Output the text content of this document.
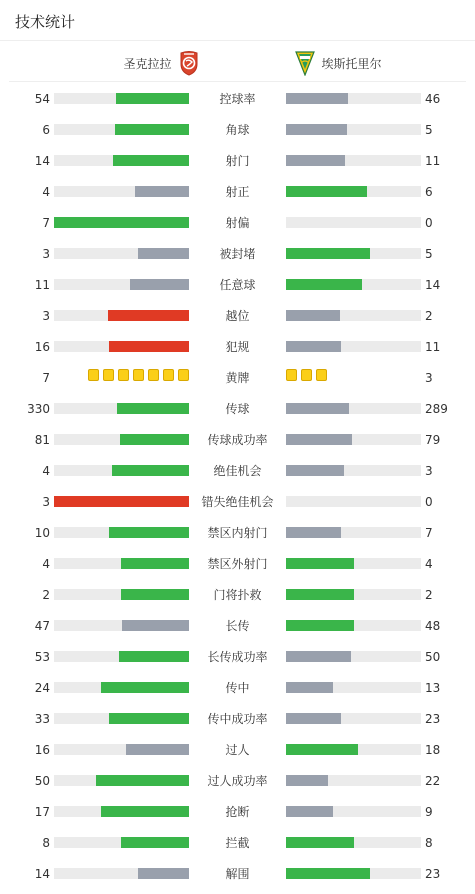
技术统计
圣克拉拉	埃斯托里尔
54	控球率	46
6	角球	5
14	射门	11
4	射正	6
7	射偏	0
3	被封堵	5
11	任意球	14
3	越位	2
16	犯规	11
7	黄牌	3
330	传球	289
81	传球成功率	79
4	绝佳机会	3
3	错失绝佳机会	0
10	禁区内射门	7
4	禁区外射门	4
2	门将扑救	2
47	长传	48
53	长传成功率	50
24	传中	13
33	传中成功率	23
16	过人	18
50	过人成功率	22
17	抢断	9
8	拦截	8
14	解围	23
